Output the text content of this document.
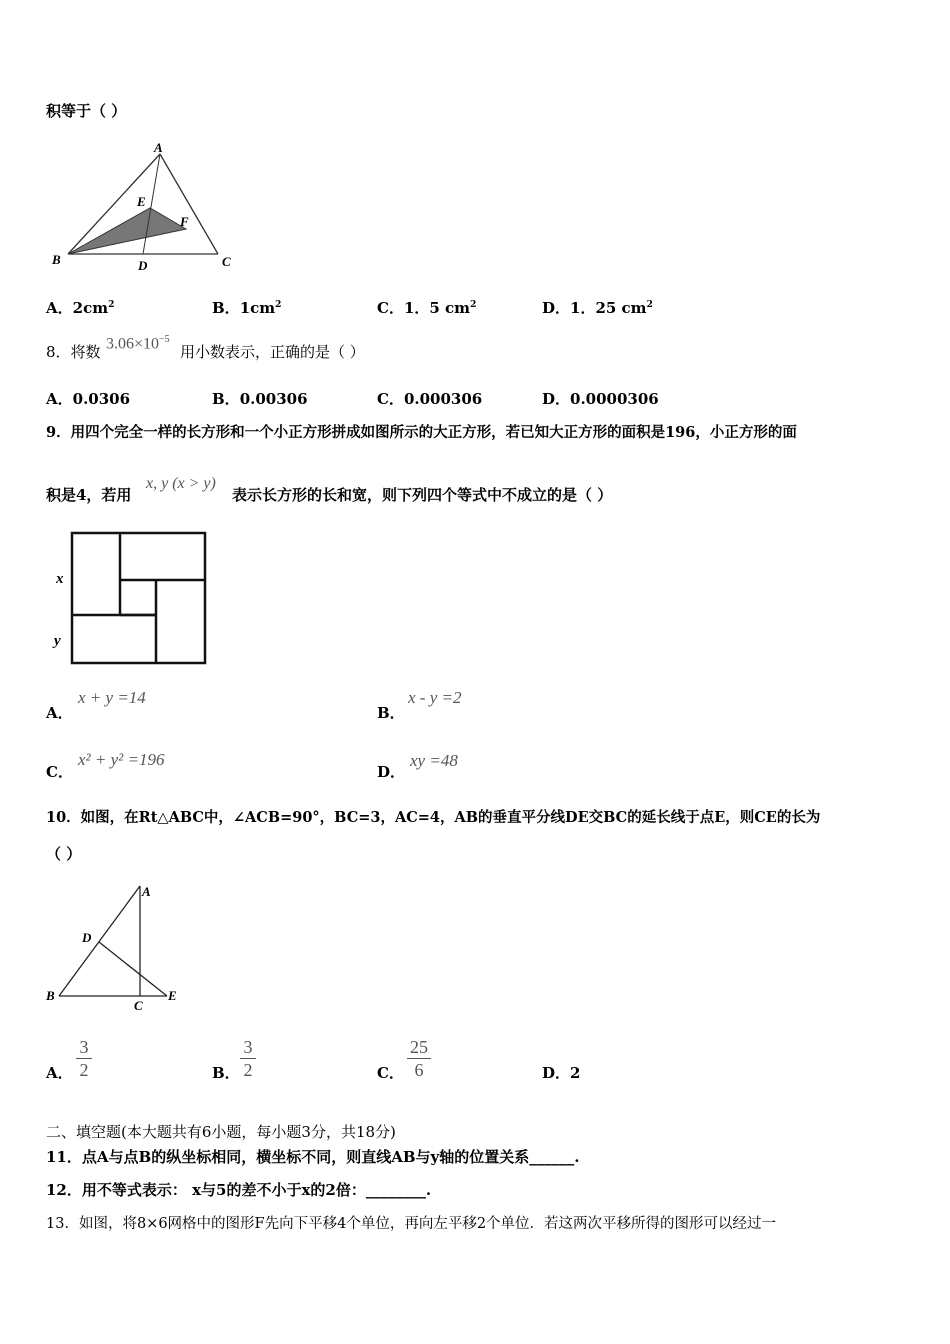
积等于（ ）
A
B	C
D
E
F
A．$2cm^2$	B．$1cm^2$	C．1．5 $cm^2$	D．1．25 $cm^2$
8．将数 $3.06\times 10^{-5}$
用小数表示，正确的是（ ）
A．0.0306	B．0.00306	C．0.000306	D．0.0000306
9．用四个完全一样的长方形和一个小正方形拼成如图所示的大正方形，若已知大正方形的面积是196，小正方形的面
积是4，若用
x, y (x > y)
表示长方形的长和宽，则下列四个等式中不成立的是（ ）
x
y
A．
x + y =14
B．
x - y =2
C．
x² + y² =196
D．
xy =48
10．如图，在Rt△ABC中，∠ACB=90°，BC=3，AC=4，AB的垂直平分线DE交BC的延长线于点E，则CE的长为
（ ）
A
B
C
D
E
A．
3
2	B．
3
2	C．
25
6	D．2
二、填空题(本大题共有6小题，每小题3分，共18分)
11．点A与点B的纵坐标相同，横坐标不同，则直线AB与y轴的位置关系______.
12．用不等式表示： x与5的差不小于x的2倍：________.
13．如图，将8×6网格中的图形F先向下平移4个单位，再向左平移2个单位．若这两次平移所得的图形可以经过一
